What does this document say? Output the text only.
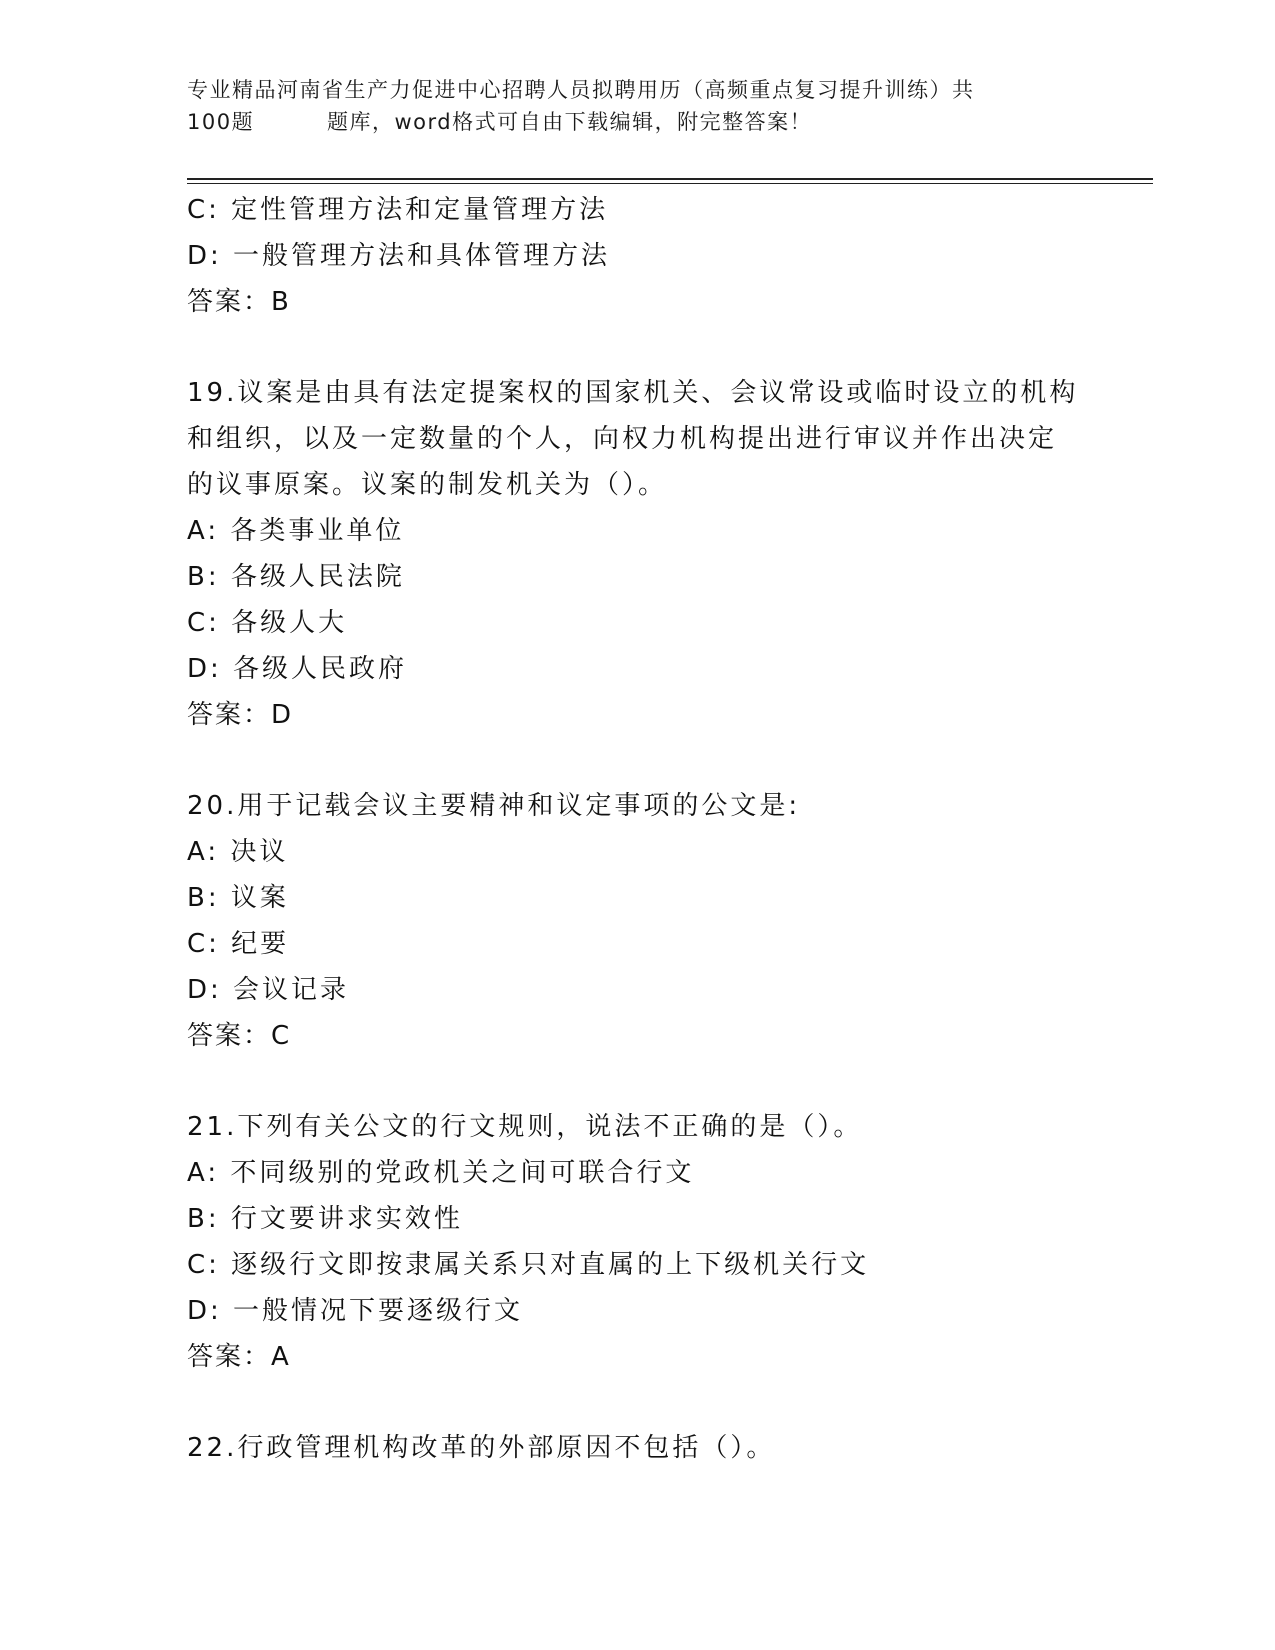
专业精品河南省生产力促进中心招聘人员拟聘用历（高频重点复习提升训练）共
100题	题库，word格式可自由下载编辑，附完整答案！
C: 定性管理方法和定量管理方法
D: 一般管理方法和具体管理方法
答案：B
19.议案是由具有法定提案权的国家机关、会议常设或临时设立的机构
和组织，以及一定数量的个人，向权力机构提出进行审议并作出决定
的议事原案。议案的制发机关为（）。
A: 各类事业单位
B: 各级人民法院
C: 各级人大
D: 各级人民政府
答案：D
20.用于记载会议主要精神和议定事项的公文是:
A: 决议
B: 议案
C: 纪要
D: 会议记录
答案：C
21.下列有关公文的行文规则，说法不正确的是（）。
A: 不同级别的党政机关之间可联合行文
B: 行文要讲求实效性
C: 逐级行文即按隶属关系只对直属的上下级机关行文
D: 一般情况下要逐级行文
答案：A
22.行政管理机构改革的外部原因不包括（）。
